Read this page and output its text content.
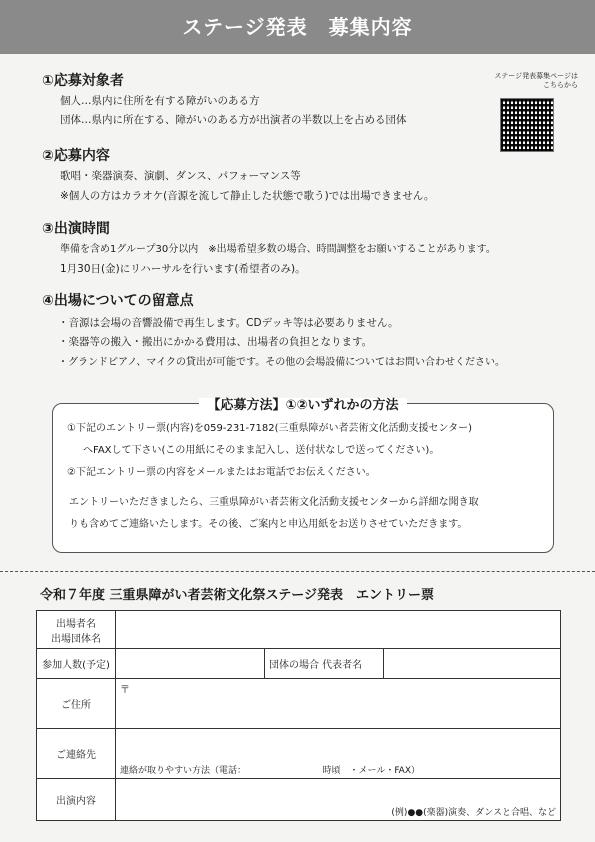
ステージ発表　募集内容
ステージ発表募集ページは
こちらから
①応募対象者
個人…県内に住所を有する障がいのある方
団体…県内に所在する、障がいのある方が出演者の半数以上を占める団体
②応募内容
歌唱・楽器演奏、演劇、ダンス、パフォーマンス等
※個人の方はカラオケ(音源を流して静止した状態で歌う)では出場できません。
③出演時間
準備を含め1グループ30分以内　※出場希望多数の場合、時間調整をお願いすることがあります。
1月30日(金)にリハーサルを行います(希望者のみ)。
④出場についての留意点
・音源は会場の音響設備で再生します。CDデッキ等は必要ありません。
・楽器等の搬入・搬出にかかる費用は、出場者の負担となります。
・グランドピアノ、マイクの貸出が可能です。その他の会場設備についてはお問い合わせください。
【応募方法】①②いずれかの方法
①下記のエントリー票(内容)を059-231-7182(三重県障がい者芸術文化活動支援センター)
へFAXして下さい(この用紙にそのまま記入し、送付状なしで送ってください)。
②下記エントリー票の内容をメールまたはお電話でお伝えください。
エントリーいただきましたら、三重県障がい者芸術文化活動支援センターから詳細な聞き取
りも含めてご連絡いたします。その後、ご案内と申込用紙をお送りさせていただきます。
令和７年度 三重県障がい者芸術文化祭ステージ発表　エントリー票
出場者名
出場団体名			

参加人数(予定)		団体の場合 代表者名	
ご住所	〒		
ご連絡先	連絡が取りやすい方法（電話：　　　　　　　　　時頃　・メール・FAX）		
出演内容	(例)●●(楽器)演奏、ダンスと合唱、など		
